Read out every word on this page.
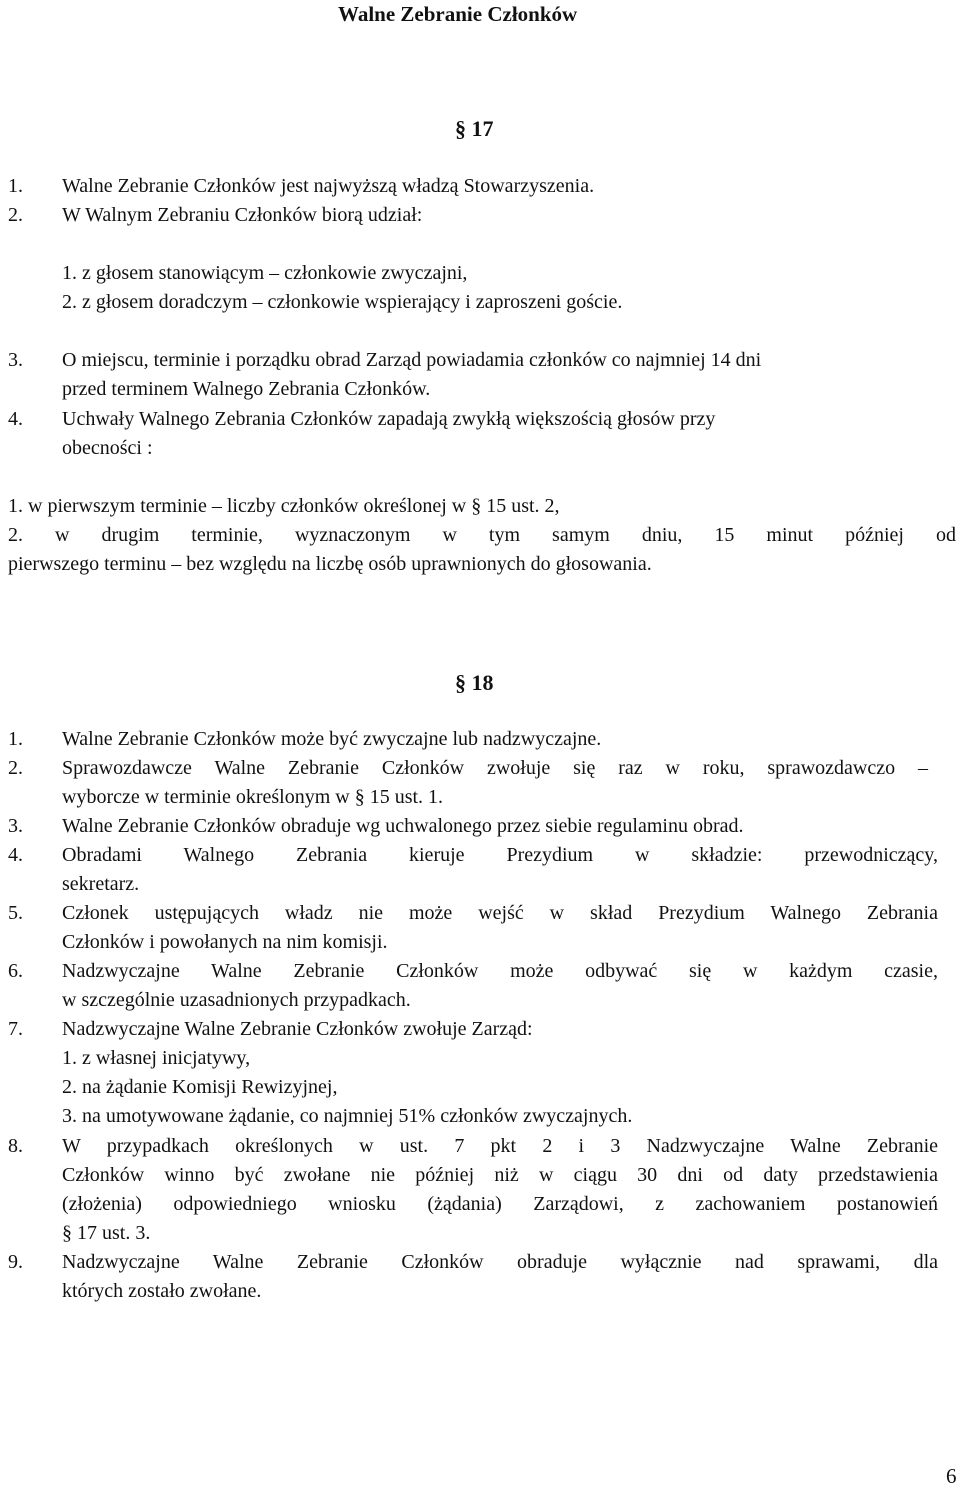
Walne Zebranie Członków
§ 17
1. Walne Zebranie Członków jest najwyższą władzą Stowarzyszenia.
2. W Walnym Zebraniu Członków biorą udział:
1. z głosem stanowiącym – członkowie zwyczajni,
2. z głosem doradczym – członkowie wspierający i zaproszeni goście.
3. O miejscu, terminie i porządku obrad Zarząd powiadamia członków co najmniej 14 dni
przed terminem Walnego Zebrania Członków.
4. Uchwały Walnego Zebrania Członków zapadają zwykłą większością głosów przy
obecności :
1. w pierwszym terminie – liczby członków określonej w § 15 ust. 2,
2. w drugim terminie, wyznaczonym w tym samym dniu, 15 minut później od
pierwszego terminu – bez względu na liczbę osób uprawnionych do głosowania.
§ 18
1. Walne Zebranie Członków może być zwyczajne lub nadzwyczajne.
2. Sprawozdawcze Walne Zebranie Członków zwołuje się raz w roku, sprawozdawczo –
wyborcze w terminie określonym w § 15 ust. 1.
3. Walne Zebranie Członków obraduje wg uchwalonego przez siebie regulaminu obrad.
4. Obradami Walnego Zebrania kieruje Prezydium w składzie: przewodniczący,
sekretarz.
5. Członek ustępujących władz nie może wejść w skład Prezydium Walnego Zebrania
Członków i powołanych na nim komisji.
6. Nadzwyczajne Walne Zebranie Członków może odbywać się w każdym czasie,
w szczególnie uzasadnionych przypadkach.
7. Nadzwyczajne Walne Zebranie Członków zwołuje Zarząd:
1. z własnej inicjatywy,
2. na żądanie Komisji Rewizyjnej,
3. na umotywowane żądanie, co najmniej 51% członków zwyczajnych.
8. W przypadkach określonych w ust. 7 pkt 2 i 3 Nadzwyczajne Walne Zebranie
Członków winno być zwołane nie później niż w ciągu 30 dni od daty przedstawienia
(złożenia) odpowiedniego wniosku (żądania) Zarządowi, z zachowaniem postanowień
§ 17 ust. 3.
9. Nadzwyczajne Walne Zebranie Członków obraduje wyłącznie nad sprawami, dla
których zostało zwołane.
6
